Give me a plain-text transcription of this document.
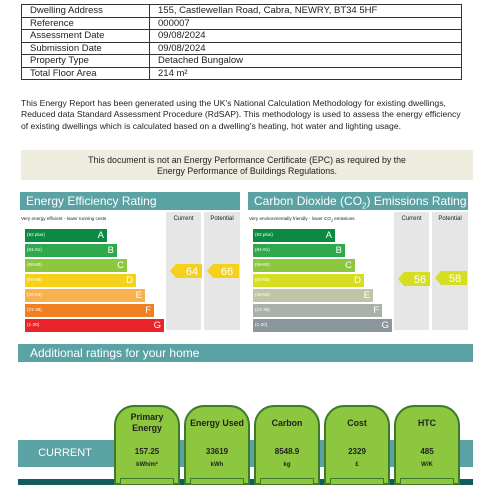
Dwelling Address	155, Castlewellan Road, Cabra, NEWRY, BT34 5HF
Reference	000007
Assessment Date	09/08/2024
Submission Date	09/08/2024
Property Type	Detached Bungalow
Total Floor Area	214 m²
This Energy Report has been generated using the UK's National Calculation Methodology for existing dwellings, Reduced data Standard Assessment Procedure (RdSAP). This methodology is used to assess the energy efficiency of existing dwellings which is calculated based on a dwelling's heating, hot water and lighting usage.
This document is not an Energy Performance Certificate (EPC) as required by the
Energy Performance of Buildings Regulations.
Energy Efficiency Rating
Very energy efficient - lower running costs	Current	Potential
(92 plus)	A
(81-91)	B
(69-80)	C
(55-68)	D
(39-54)	E
(21-38)	F
(1-20)	G
64 66
Carbon Dioxide $(CO_2)$ Emissions Rating
Very environmentally friendly - lower $CO_2$ emissions	Current	Potential
(92 plus)	A
(81-91)	B
(69-80)	C
(55-68)	D
(39-54)	E
(21-38)	F
(1-20)	G
56 58
Additional ratings for your home
CURRENT
Primary Energy
157.25
kWh/m²
Energy Used
33619
kWh
Carbon
8548.9
kg
Cost
2329
£
HTC
485
W/K
